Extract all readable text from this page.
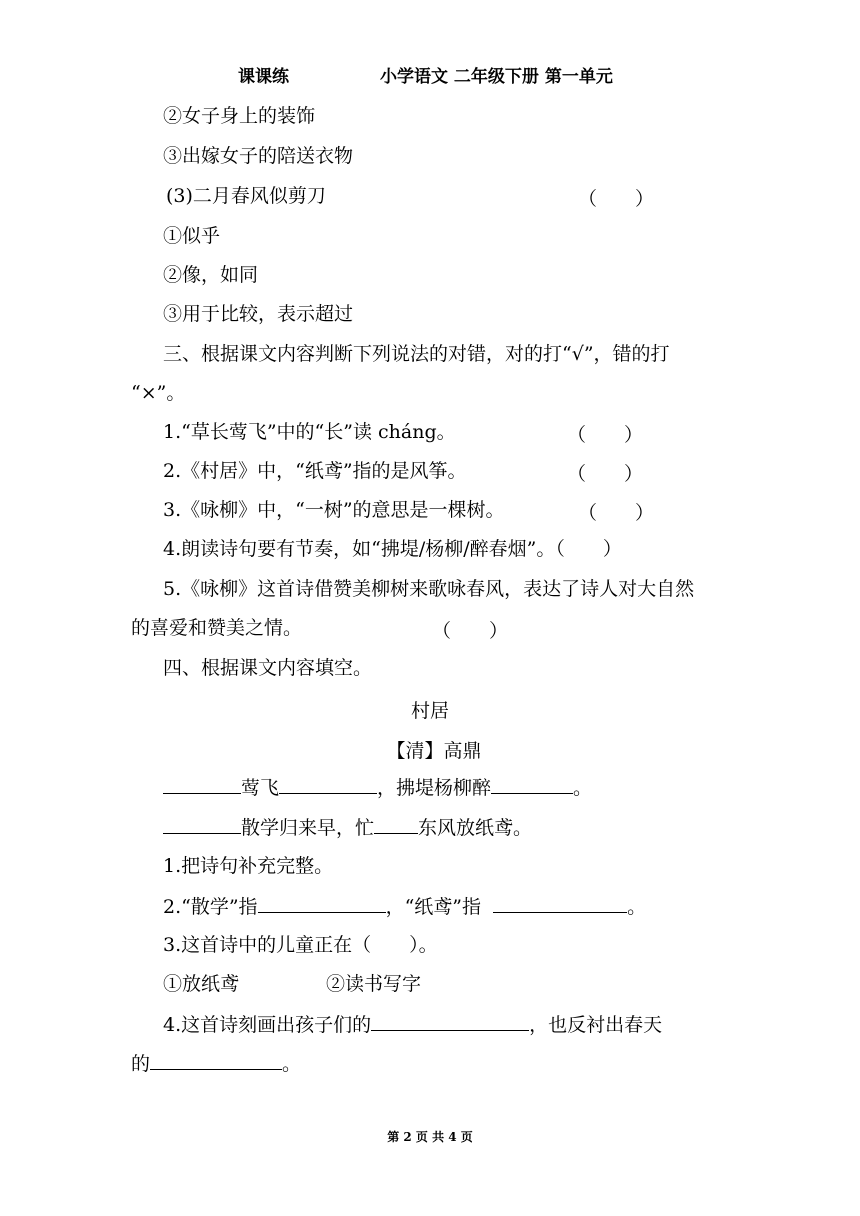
课课练	小学语文 二年级下册 第一单元
②女子身上的装饰
③出嫁女子的陪送衣物
(3)二月春风似剪刀	（　　）
①似乎
②像，如同
③用于比较，表示超过
三、根据课文内容判断下列说法的对错，对的打“√”，错的打
“×”。
1.“草长莺飞”中的“长”读 cháng。	（　　）
2.《村居》中，“纸鸢”指的是风筝。	（　　）
3.《咏柳》中，“一树”的意思是一棵树。	（　　）
4.朗读诗句要有节奏，如“拂堤/杨柳/醉春烟”。（　　）
5.《咏柳》这首诗借赞美柳树来歌咏春风，表达了诗人对大自然
的喜爱和赞美之情。	（　　）
四、根据课文内容填空。
村居
【清】高鼎
莺飞	，拂堤杨柳醉	。
散学归来早，忙 东风放纸鸢。
1.把诗句补充完整。
2.“散学”指	，“纸鸢”指	。
3.这首诗中的儿童正在（　　）。
①放纸鸢	②读书写字
4.这首诗刻画出孩子们的	，也反衬出春天
的	。
第 2 页 共 4 页
